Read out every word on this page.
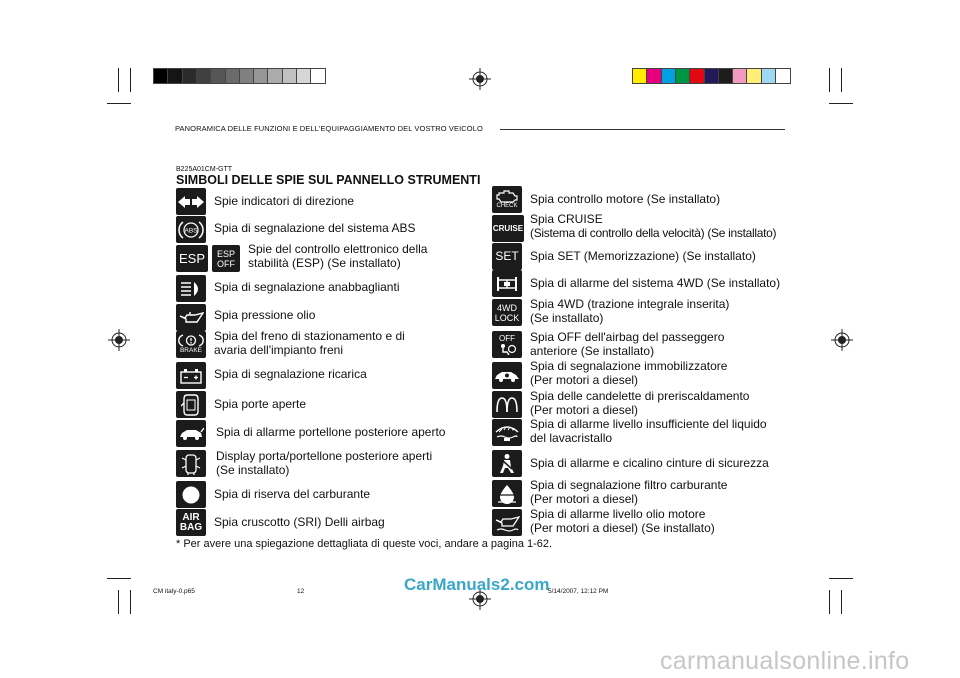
PANORAMICA DELLE FUNZIONI E DELL'EQUIPAGGIAMENTO DEL VOSTRO VEICOLO
B225A01CM-GTT
SIMBOLI DELLE SPIE SUL PANNELLO STRUMENTI
Spie indicatori di direzione
ABS Spia di segnalazione del sistema ABS
ESP ESP
OFF
Spie del controllo elettronico della
stabilità (ESP) (Se installato)
Spia di segnalazione anabbaglianti
Spia pressione olio
BRAKE
Spia del freno di stazionamento e di
avaria dell'impianto freni
Spia di segnalazione ricarica
Spia porte aperte
Spia di allarme portellone posteriore aperto
Display porta/portellone posteriore aperti
(Se installato)
Spia di riserva del carburante
AIR
BAG Spia cruscotto (SRI) Delli airbag
CHECK Spia controllo motore (Se installato)
CRUISE
Spia CRUISE
(Sistema di controllo della velocità) (Se installato)
SET Spia SET (Memorizzazione) (Se installato)
Spia di allarme del sistema 4WD (Se installato)
4WD
LOCK
Spia 4WD (trazione integrale inserita)
(Se installato)
OFF Spia OFF dell'airbag del passeggero
anteriore (Se installato)
Spia di segnalazione immobilizzatore
(Per motori a diesel)
Spia delle candelette di preriscaldamento
(Per motori a diesel)
Spia di allarme livello insufficiente del liquido
del lavacristallo
Spia di allarme e cicalino cinture di sicurezza
Spia di segnalazione filtro carburante
(Per motori a diesel)
Spia di allarme livello olio motore
(Per motori a diesel) (Se installato)
* Per avere una spiegazione dettagliata di queste voci, andare a pagina 1-62.
CM italy-0.p65	12	5/14/2007, 12:12 PM
CarManuals2.com
carmanualsonline.info
